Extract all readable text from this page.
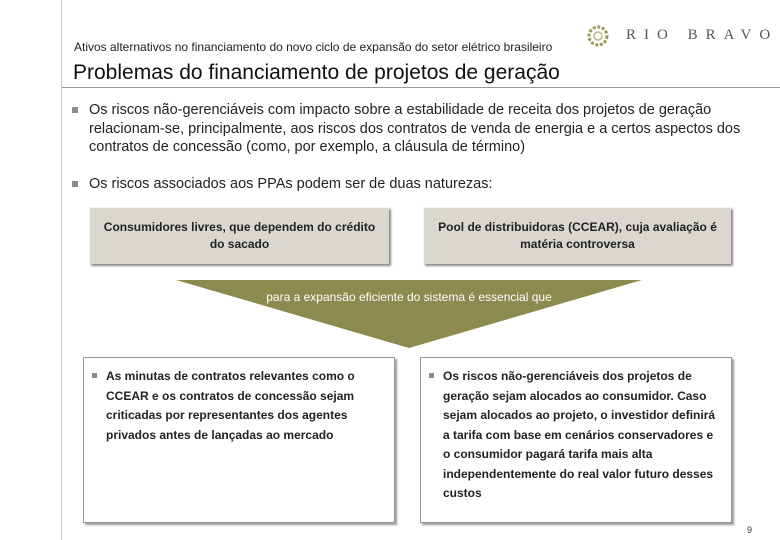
Ativos alternativos no financiamento do novo ciclo de expansão do setor elétrico brasileiro
RIO BRAVO
Problemas do financiamento de projetos de geração
Os riscos não-gerenciáveis com impacto sobre a estabilidade de receita dos projetos de geração relacionam-se, principalmente, aos riscos dos contratos de venda de energia e a certos aspectos dos contratos de concessão (como, por exemplo, a cláusula de término)
Os riscos associados aos PPAs podem ser de duas naturezas:
Consumidores livres, que dependem do crédito do sacado
Pool de distribuidoras (CCEAR), cuja avaliação é matéria controversa
para a expansão eficiente do sistema é essencial que
As minutas de contratos relevantes como o CCEAR e os contratos de concessão sejam criticadas por representantes dos agentes privados antes de lançadas ao mercado
Os riscos não-gerenciáveis dos projetos de geração sejam alocados ao consumidor. Caso sejam alocados ao projeto, o investidor definirá a tarifa com base em cenários conservadores e o consumidor pagará tarifa mais alta independentemente do real valor futuro desses custos
9
